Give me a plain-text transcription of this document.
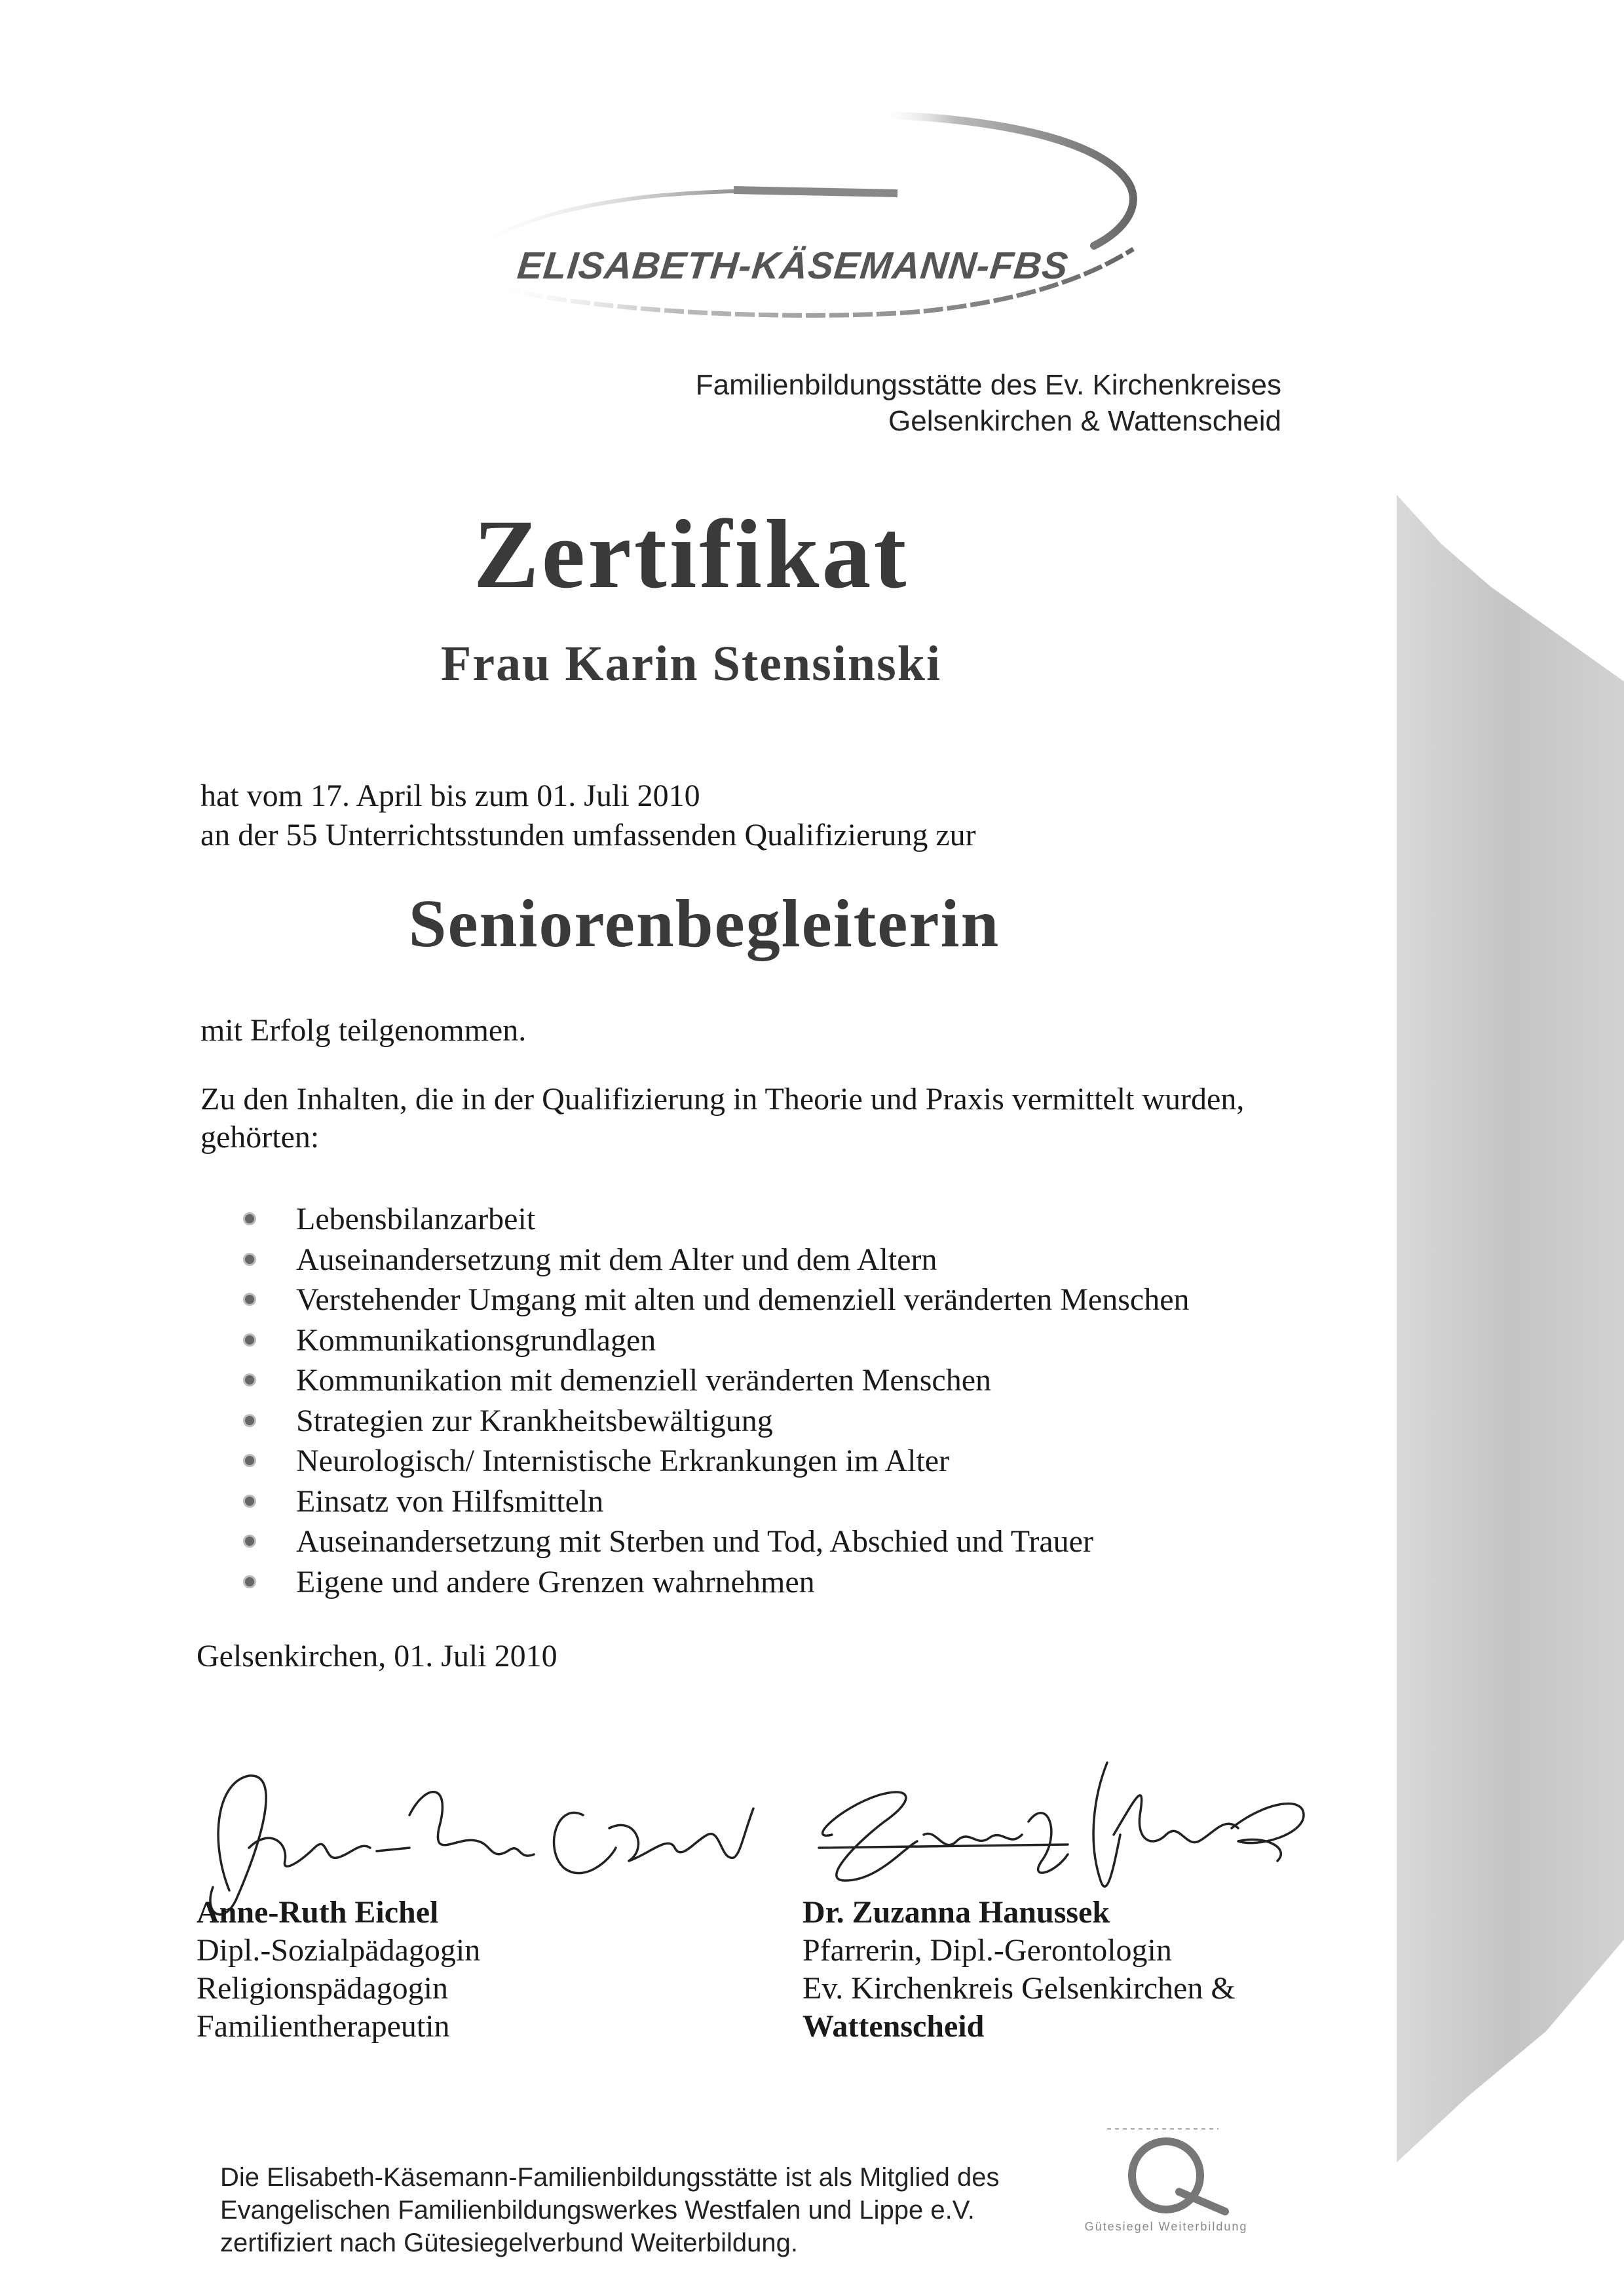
ELISABETH-KÄSEMANN-FBS
Familienbildungsstätte des Ev. Kirchenkreises
Gelsenkirchen & Wattenscheid
Zertifikat
Frau Karin Stensinski
hat vom 17. April bis zum 01. Juli 2010
an der 55 Unterrichtsstunden umfassenden Qualifizierung zur
Seniorenbegleiterin
mit Erfolg teilgenommen.
Zu den Inhalten, die in der Qualifizierung in Theorie und Praxis vermittelt wurden,
gehörten:
Lebensbilanzarbeit
Auseinandersetzung mit dem Alter und dem Altern
Verstehender Umgang mit alten und demenziell veränderten Menschen
Kommunikationsgrundlagen
Kommunikation mit demenziell veränderten Menschen
Strategien zur Krankheitsbewältigung
Neurologisch/ Internistische Erkrankungen im Alter
Einsatz von Hilfsmitteln
Auseinandersetzung mit Sterben und Tod, Abschied und Trauer
Eigene und andere Grenzen wahrnehmen
Gelsenkirchen, 01. Juli 2010
Anne-Ruth Eichel
Dipl.-Sozialpädagogin
Religionspädagogin
Familientherapeutin
Dr. Zuzanna Hanussek
Pfarrerin, Dipl.-Gerontologin
Ev. Kirchenkreis Gelsenkirchen &
Wattenscheid
Die Elisabeth-Käsemann-Familienbildungsstätte ist als Mitglied des
Evangelischen Familienbildungswerkes Westfalen und Lippe e.V.
zertifiziert nach Gütesiegelverbund Weiterbildung.
Gütesiegel Weiterbildung
